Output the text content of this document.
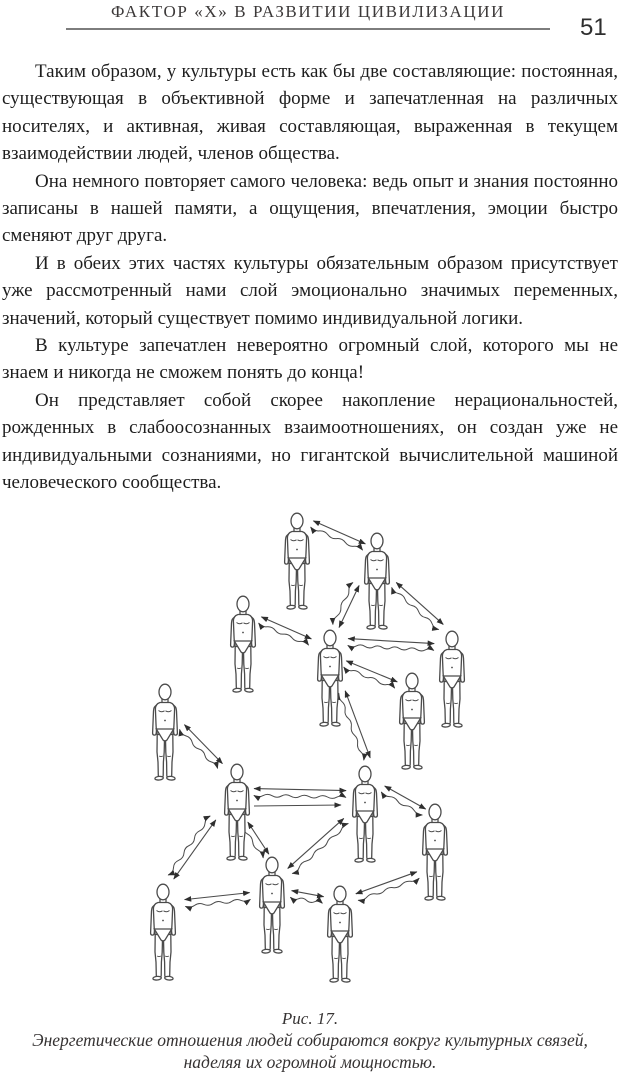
ФАКТОР «Х» В РАЗВИТИИ ЦИВИЛИЗАЦИИ
51

Таким образом, у культуры есть как бы две составляющие: постоянная, существующая в объективной форме и запечатленная на различных носителях, и активная, живая составляющая, выраженная в текущем взаимодействии людей, членов общества.

Она немного повторяет самого человека: ведь опыт и знания постоянно записаны в нашей памяти, а ощущения, впечатления, эмоции быстро сменяют друг друга.

И в обеих этих частях культуры обязательным образом присутствует уже рассмотренный нами слой эмоционально значимых переменных, значений, который существует помимо индивидуальной логики.

В культуре запечатлен невероятно огромный слой, которого мы не знаем и никогда не сможем понять до конца!

Он представляет собой скорее накопление нерациональностей, рожденных в слабоосознанных взаимоотношениях, он создан уже не индивидуальными сознаниями, но гигантской вычислительной машиной человеческого сообщества.

Рис. 17.
Энергетические отношения людей собираются вокруг культурных связей,
наделяя их огромной мощностью.
